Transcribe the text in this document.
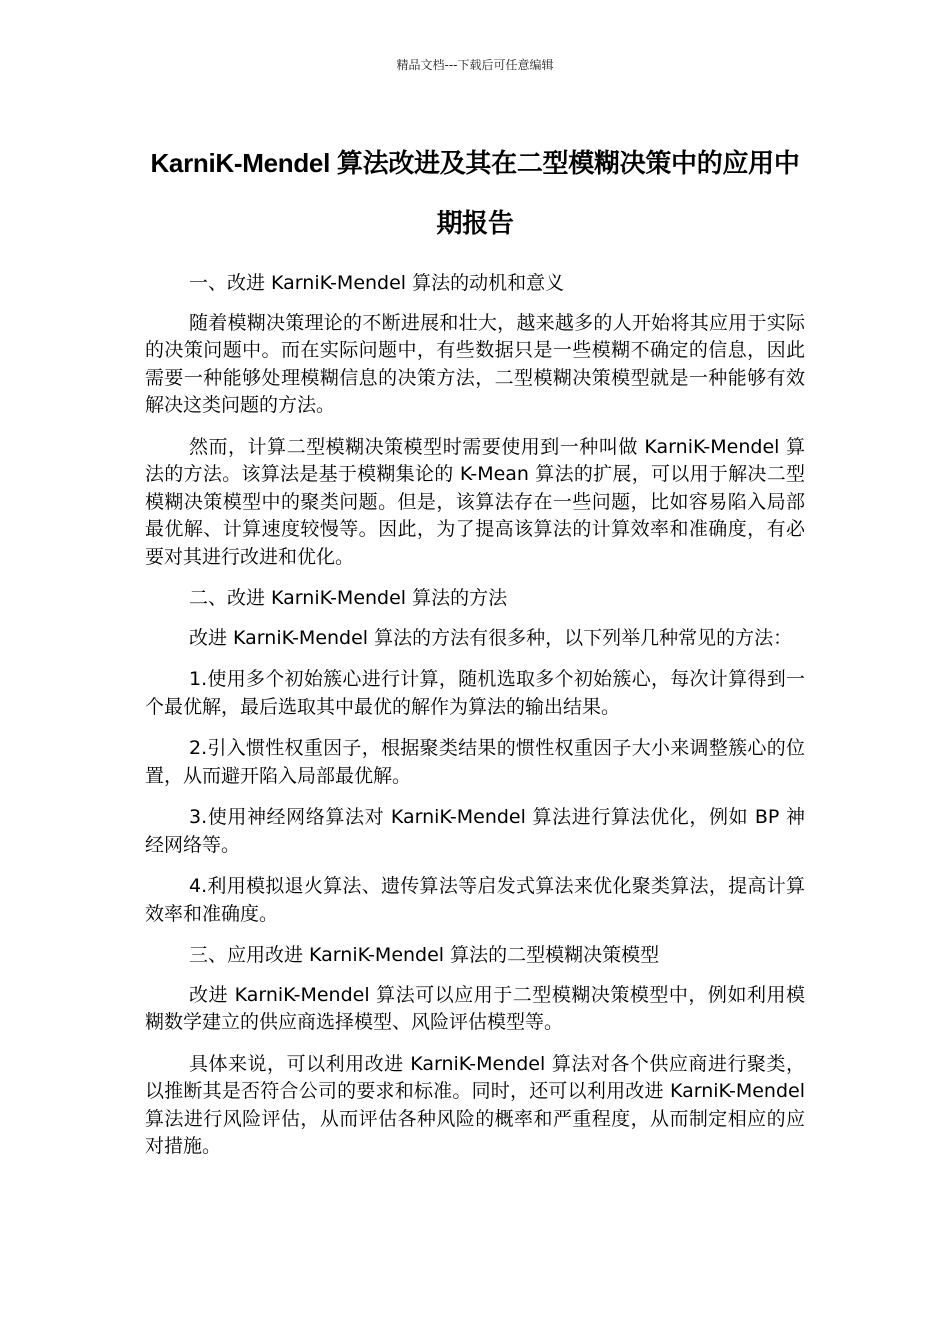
精品文档---下载后可任意编辑
KarniK-Mendel 算法改进及其在二型模糊决策中的应用中期报告

一、改进 KarniK-Mendel 算法的动机和意义

随着模糊决策理论的不断进展和壮大，越来越多的人开始将其应用于实际的决策问题中。而在实际问题中，有些数据只是一些模糊不确定的信息，因此需要一种能够处理模糊信息的决策方法，二型模糊决策模型就是一种能够有效解决这类问题的方法。

然而，计算二型模糊决策模型时需要使用到一种叫做 KarniK-Mendel 算法的方法。该算法是基于模糊集论的 K-Mean 算法的扩展，可以用于解决二型模糊决策模型中的聚类问题。但是，该算法存在一些问题，比如容易陷入局部最优解、计算速度较慢等。因此，为了提高该算法的计算效率和准确度，有必要对其进行改进和优化。

二、改进 KarniK-Mendel 算法的方法

改进 KarniK-Mendel 算法的方法有很多种，以下列举几种常见的方法：

1.使用多个初始簇心进行计算，随机选取多个初始簇心，每次计算得到一个最优解，最后选取其中最优的解作为算法的输出结果。

2.引入惯性权重因子，根据聚类结果的惯性权重因子大小来调整簇心的位置，从而避开陷入局部最优解。

3.使用神经网络算法对 KarniK-Mendel 算法进行算法优化，例如 BP 神经网络等。

4.利用模拟退火算法、遗传算法等启发式算法来优化聚类算法，提高计算效率和准确度。

三、应用改进 KarniK-Mendel 算法的二型模糊决策模型

改进 KarniK-Mendel 算法可以应用于二型模糊决策模型中，例如利用模糊数学建立的供应商选择模型、风险评估模型等。

具体来说，可以利用改进 KarniK-Mendel 算法对各个供应商进行聚类，以推断其是否符合公司的要求和标准。同时，还可以利用改进 KarniK-Mendel 算法进行风险评估，从而评估各种风险的概率和严重程度，从而制定相应的应对措施。
